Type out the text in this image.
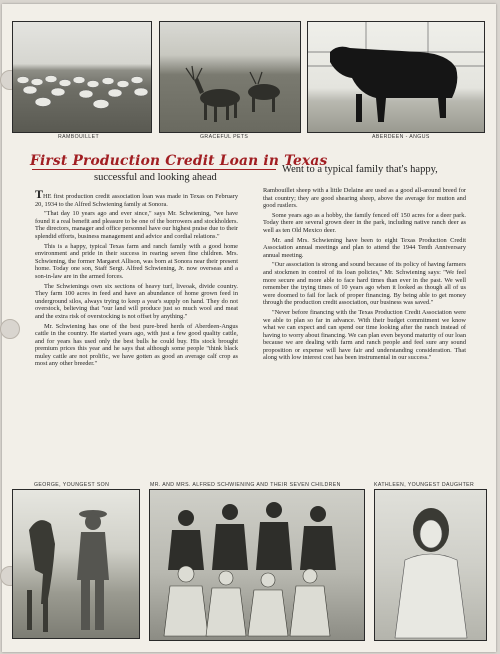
RAMBOUILLET	GRACEFUL PETS	ABERDEEN - ANGUS
First Production Credit Loan in Texas
Went to a typical family that's happy,
successful and looking ahead

THE first production credit association loan was made in Texas on February 20, 1934 to the Alfred Schwiening family at Sonora.

"That day 10 years ago and ever since," says Mr. Schwiening, "we have found it a real benefit and pleasure to be one of the borrowers and stockholders. The directors, manager and office personnel have our highest praise due to their splendid efforts, business management and advice and cordial relations."

This is a happy, typical Texas farm and ranch family with a good home environment and pride in their success in rearing seven fine children. Mrs. Schwiening, the former Margaret Allison, was born at Sonora near their present home. Today one son, Staff Sergt. Alfred Schwiening, Jr. now overseas and a son-in-law are in the armed forces.

The Schwienings own six sections of heavy turf, liveoak, divide country. They farm 100 acres in feed and have an abundance of home grown feed in underground silos, always trying to keep a year's supply on hand. They do not overstock, believing that "our land will produce just so much wool and meat and the extra risk of overstocking is not offset by anything."

Mr. Schwiening has one of the best pure-bred herds of Aberdeen-Angus cattle in the country. He started years ago, with just a few good quality cattle, and for years has used only the best bulls he could buy. His stock brought premium prices this year and he says that although some people "think black muley cattle are not prolific, we have gotten as good an average calf crop as most any other breeder."

Rambouillet sheep with a little Delaine are used as a good all-around breed for that country; they are good shearing sheep, above the average for mutton and good rustlers.

Some years ago as a hobby, the family fenced off 150 acres for a deer park. Today there are several grown deer in the park, including native ranch deer as well as ten Old Mexico deer.

Mr. and Mrs. Schwiening have been to eight Texas Production Credit Association annual meetings and plan to attend the 1944 Tenth Anniversary annual meeting.

"Our association is strong and sound because of its policy of having farmers and stockmen in control of its loan policies," Mr. Schwiening says: "We feel more secure and more able to face hard times than ever in the past. We well remember the trying times of 10 years ago when it looked as though all of us were doomed to fail for lack of proper financing. By being able to get money through the production credit association, our business was saved."

"Never before financing with the Texas Production Credit Association were we able to plan so far in advance. With their budget commitment we know what we can expect and can spend our time looking after the ranch instead of having to worry about financing. We can plan even beyond maturity of our loan because we are dealing with farm and ranch people and feel sure any sound proposition or expense will have fair and understanding consideration. That along with low interest cost has been instrumental in our success."

GEORGE, YOUNGEST SON	MR. AND MRS. ALFRED SCHWIENING AND THEIR SEVEN CHILDREN	KATHLEEN, YOUNGEST DAUGHTER
